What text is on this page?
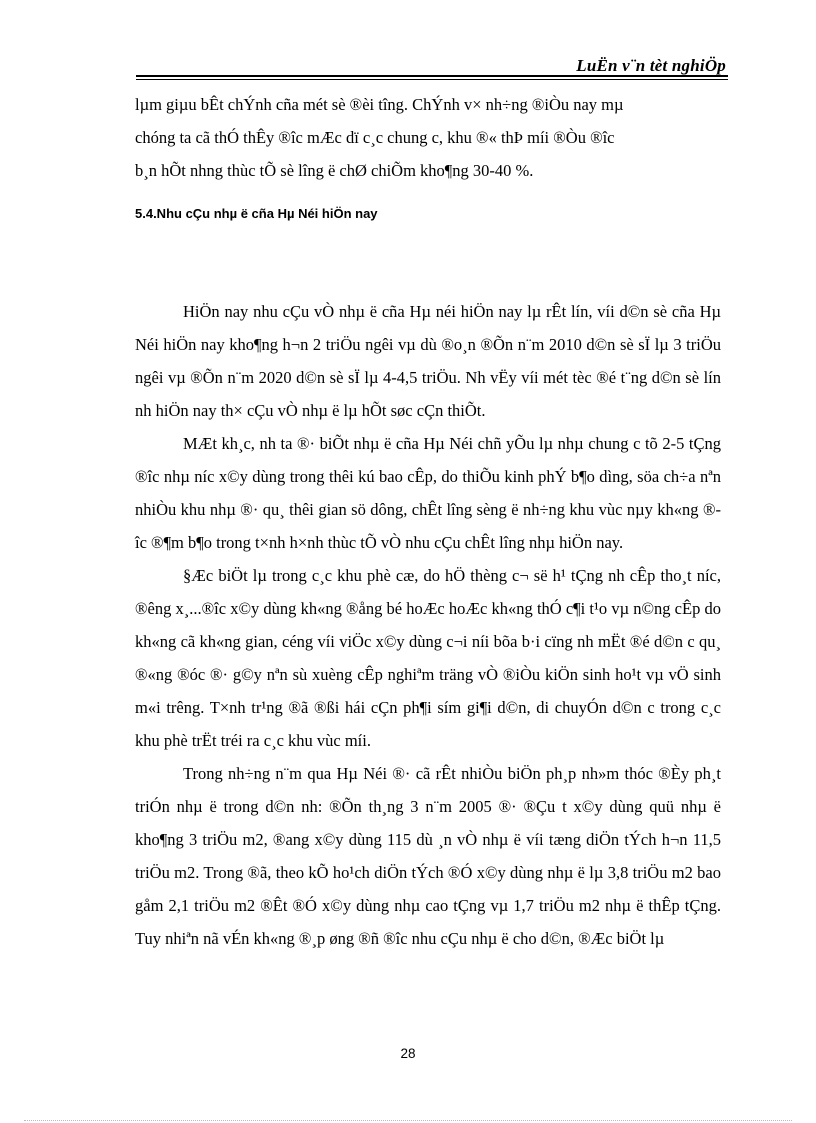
LuËn v¨n tèt nghiÖp

lµm giµu bÊt chÝnh cña mét sè ®èi tîng. ChÝnh v× nh÷ng ®iÒu nay mµ

chóng ta cã thÓ thÊy ®îc mÆc dï c¸c chung c, khu ®« thÞ míi ®Òu ®îc

b¸n hÕt nhng thùc tÕ sè lîng ë chØ chiÕm kho¶ng 30-40 %.

5.4.Nhu cÇu nhµ ë cña Hµ Néi hiÖn nay

HiÖn nay nhu cÇu vÒ nhµ ë cña Hµ néi hiÖn nay lµ rÊt lín, víi d©n sè cña Hµ Néi hiÖn nay kho¶ng h¬n 2 triÖu ngêi vµ dù ®o¸n ®Õn n¨m 2010 d©n sè sÏ lµ 3 triÖu ngêi vµ ®Õn n¨m 2020 d©n sè sÏ lµ 4-4,5 triÖu. Nh vËy víi mét tèc ®é t¨ng d©n sè lín nh hiÖn nay th× cÇu vÒ nhµ ë lµ hÕt søc cÇn thiÕt.

MÆt kh¸c, nh ta ®· biÕt nhµ ë cña Hµ Néi chñ yÕu lµ nhµ chung c tõ 2-5 tÇng ®îc nhµ níc x©y dùng trong thêi kú bao cÊp, do thiÕu kinh phÝ b¶o dìng, söa ch÷a nªn nhiÒu khu nhµ ®· qu¸ thêi gian sö dông, chÊt lîng sèng ë nh÷ng khu vùc nµy kh«ng ®îc ®¶m b¶o trong t×nh h×nh thùc tÕ vÒ nhu cÇu chÊt lîng nhµ hiÖn nay.

§Æc biÖt lµ trong c¸c khu phè cæ, do hÖ thèng c¬ së h¹ tÇng nh cÊp tho¸t níc, ®êng x¸...®îc x©y dùng kh«ng ®ång bé hoÆc hoÆc kh«ng thÓ c¶i t¹o vµ n©ng cÊp do kh«ng cã kh«ng gian, céng víi viÖc x©y dùng c¬i níi bõa b·i cïng nh mËt ®é d©n c qu¸ ®«ng ®óc ®· g©y nªn sù xuèng cÊp nghiªm träng vÒ ®iÒu kiÖn sinh ho¹t vµ vÖ sinh m«i trêng. T×nh tr¹ng ®ã ®ßi hái cÇn ph¶i sím gi¶i d©n, di chuyÓn d©n c trong c¸c khu phè trËt tréi ra c¸c khu vùc míi.

Trong nh÷ng n¨m qua Hµ Néi ®· cã rÊt nhiÒu biÖn ph¸p nh»m thóc ®Èy ph¸t triÓn nhµ ë trong d©n nh: ®Õn th¸ng 3 n¨m 2005 ®· ®Çu t x©y dùng quü nhµ ë kho¶ng 3 triÖu m2, ®ang x©y dùng 115 dù ¸n vÒ nhµ ë víi tæng diÖn tÝch h¬n 11,5 triÖu m2. Trong ®ã, theo kÕ ho¹ch diÖn tÝch ®Ó x©y dùng nhµ ë lµ 3,8 triÖu m2 bao gåm 2,1 triÖu m2 ®Êt ®Ó x©y dùng nhµ cao tÇng vµ 1,7 triÖu m2 nhµ ë thÊp tÇng. Tuy nhiªn nã vÉn kh«ng ®¸p øng ®ñ ®îc nhu cÇu nhµ ë cho d©n, ®Æc biÖt lµ

28
